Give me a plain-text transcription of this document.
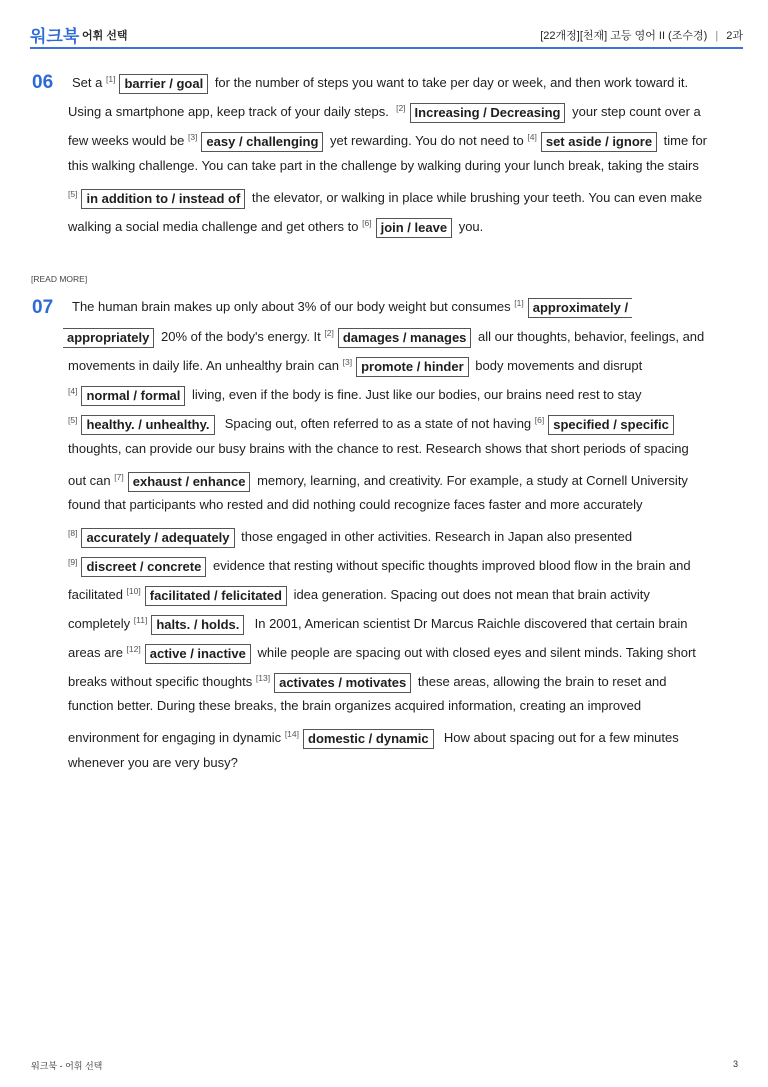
워크북 어휘 선택	[22개정][천재] 고등 영어 II (조수경) | 2과
06 Set a [1] barrier / goal for the number of steps you want to take per day or week, and then work toward it.
Using a smartphone app, keep track of your daily steps. [2] Increasing / Decreasing your step count over a
few weeks would be [3] easy / challenging yet rewarding. You do not need to [4] set aside / ignore time for
this walking challenge. You can take part in the challenge by walking during your lunch break, taking the stairs
[5] in addition to / instead of the elevator, or walking in place while brushing your teeth. You can even make
walking a social media challenge and get others to [6] join / leave you.
[READ MORE]
07 The human brain makes up only about 3% of our body weight but consumes [1] approximately /
appropriately 20% of the body's energy. It [2] damages / manages all our thoughts, behavior, feelings, and
movements in daily life. An unhealthy brain can [3] promote / hinder body movements and disrupt
[4] normal / formal living, even if the body is fine. Just like our bodies, our brains need rest to stay
[5] healthy. / unhealthy. Spacing out, often referred to as a state of not having [6] specified / specific
thoughts, can provide our busy brains with the chance to rest. Research shows that short periods of spacing
out can [7] exhaust / enhance memory, learning, and creativity. For example, a study at Cornell University
found that participants who rested and did nothing could recognize faces faster and more accurately
[8] accurately / adequately those engaged in other activities. Research in Japan also presented
[9] discreet / concrete evidence that resting without specific thoughts improved blood flow in the brain and
facilitated [10] facilitated / felicitated idea generation. Spacing out does not mean that brain activity
completely [11] halts. / holds. In 2001, American scientist Dr Marcus Raichle discovered that certain brain
areas are [12] active / inactive while people are spacing out with closed eyes and silent minds. Taking short
breaks without specific thoughts [13] activates / motivates these areas, allowing the brain to reset and
function better. During these breaks, the brain organizes acquired information, creating an improved
environment for engaging in dynamic [14] domestic / dynamic How about spacing out for a few minutes
whenever you are very busy?
워크북 - 어휘 선택	3
